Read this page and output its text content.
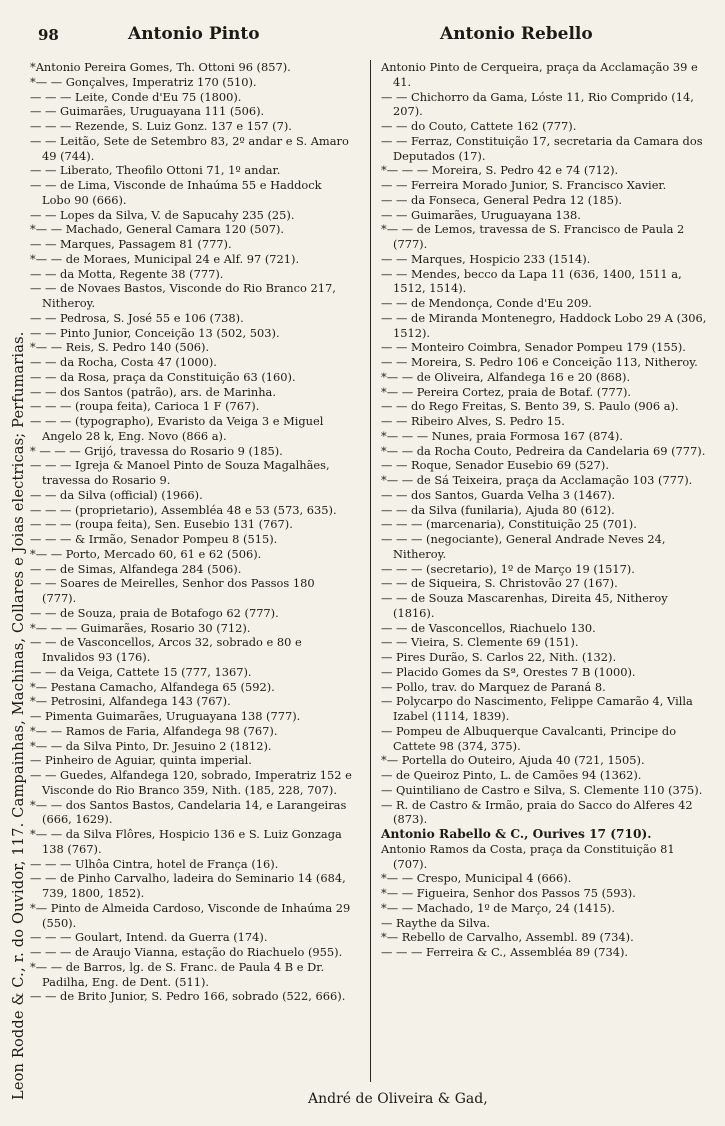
98	Antonio Pinto	Antonio Rebello
Leon Rodde & C., r. do Ouvidor, 117. Campainhas, Machinas, Collares e Joias electricas; Perfumarias.
*Antonio Pereira Gomes, Th. Ottoni 96 (857).
*— — Gonçalves, Imperatriz 170 (510).
— — — Leite, Conde d'Eu 75 (1800).
— — Guimarães, Uruguayana 111 (506).
— — — Rezende, S. Luiz Gonz. 137 e 157 (7).
— — Leitão, Sete de Setembro 83, 2º andar e S. Amaro 49 (744).
— — Liberato, Theofilo Ottoni 71, 1º andar.
— — de Lima, Visconde de Inhaúma 55 e Haddock Lobo 90 (666).
— — Lopes da Silva, V. de Sapucahy 235 (25).
*— — Machado, General Camara 120 (507).
— — Marques, Passagem 81 (777).
*— — de Moraes, Municipal 24 e Alf. 97 (721).
— — da Motta, Regente 38 (777).
— — de Novaes Bastos, Visconde do Rio Branco 217, Nitheroy.
— — Pedrosa, S. José 55 e 106 (738).
— — Pinto Junior, Conceição 13 (502, 503).
*— — Reis, S. Pedro 140 (506).
— — da Rocha, Costa 47 (1000).
— — da Rosa, praça da Constituição 63 (160).
— — dos Santos (patrão), ars. de Marinha.
— — — (roupa feita), Carioca 1 F (767).
— — — (typographo), Evaristo da Veiga 3 e Miguel Angelo 28 k, Eng. Novo (866 a).
* — — — Grijó, travessa do Rosario 9 (185).
— — — Igreja & Manoel Pinto de Souza Magalhães, travessa do Rosario 9.
— — da Silva (official) (1966).
— — — (proprietario), Assembléa 48 e 53 (573, 635).
— — — (roupa feita), Sen. Eusebio 131 (767).
— — — & Irmão, Senador Pompeu 8 (515).
*— — Porto, Mercado 60, 61 e 62 (506).
— — de Simas, Alfandega 284 (506).
— — Soares de Meirelles, Senhor dos Passos 180 (777).
— — de Souza, praia de Botafogo 62 (777).
*— — — Guimarães, Rosario 30 (712).
— — de Vasconcellos, Arcos 32, sobrado e 80 e Invalidos 93 (176).
— — da Veiga, Cattete 15 (777, 1367).
*— Pestana Camacho, Alfandega 65 (592).
*— Petrosini, Alfandega 143 (767).
— Pimenta Guimarães, Uruguayana 138 (777).
*— — Ramos de Faria, Alfandega 98 (767).
*— — da Silva Pinto, Dr. Jesuino 2 (1812).
— Pinheiro de Aguiar, quinta imperial.
— — Guedes, Alfandega 120, sobrado, Imperatriz 152 e Visconde do Rio Branco 359, Nith. (185, 228, 707).
*— — dos Santos Bastos, Candelaria 14, e Larangeiras (666, 1629).
*— — da Silva Flôres, Hospicio 136 e S. Luiz Gonzaga 138 (767).
— — — Ulhôa Cintra, hotel de França (16).
— — de Pinho Carvalho, ladeira do Seminario 14 (684, 739, 1800, 1852).
*— Pinto de Almeida Cardoso, Visconde de Inhaúma 29 (550).
— — — Goulart, Intend. da Guerra (174).
— — — de Araujo Vianna, estação do Riachuelo (955).
*— — de Barros, lg. de S. Franc. de Paula 4 B e Dr. Padilha, Eng. de Dent. (511).
— — de Brito Junior, S. Pedro 166, sobrado (522, 666).
Antonio Pinto de Cerqueira, praça da Acclamação 39 e 41.
— — Chichorro da Gama, Lóste 11, Rio Comprido (14, 207).
— — do Couto, Cattete 162 (777).
— — Ferraz, Constituição 17, secretaria da Camara dos Deputados (17).
*— — — Moreira, S. Pedro 42 e 74 (712).
— — Ferreira Morado Junior, S. Francisco Xavier.
— — da Fonseca, General Pedra 12 (185).
— — Guimarães, Uruguayana 138.
*— — de Lemos, travessa de S. Francisco de Paula 2 (777).
— — Marques, Hospicio 233 (1514).
— — Mendes, becco da Lapa 11 (636, 1400, 1511 a, 1512, 1514).
— — de Mendonça, Conde d'Eu 209.
— — de Miranda Montenegro, Haddock Lobo 29 A (306, 1512).
— — Monteiro Coimbra, Senador Pompeu 179 (155).
— — Moreira, S. Pedro 106 e Conceição 113, Nitheroy.
*— — de Oliveira, Alfandega 16 e 20 (868).
*— — Pereira Cortez, praia de Botaf. (777).
— — do Rego Freitas, S. Bento 39, S. Paulo (906 a).
— — Ribeiro Alves, S. Pedro 15.
*— — — Nunes, praia Formosa 167 (874).
*— — da Rocha Couto, Pedreira da Candelaria 69 (777).
— — Roque, Senador Eusebio 69 (527).
*— — de Sá Teixeira, praça da Acclamação 103 (777).
— — dos Santos, Guarda Velha 3 (1467).
— — da Silva (funilaria), Ajuda 80 (612).
— — — (marcenaria), Constituição 25 (701).
— — — (negociante), General Andrade Neves 24, Nitheroy.
— — — (secretario), 1º de Março 19 (1517).
— — de Siqueira, S. Christovão 27 (167).
— — de Souza Mascarenhas, Direita 45, Nitheroy (1816).
— — de Vasconcellos, Riachuelo 130.
— — Vieira, S. Clemente 69 (151).
— Pires Durão, S. Carlos 22, Nith. (132).
— Placido Gomes da Sª, Orestes 7 B (1000).
— Pollo, trav. do Marquez de Paraná 8.
— Polycarpo do Nascimento, Felippe Camarão 4, Villa Izabel (1114, 1839).
— Pompeu de Albuquerque Cavalcanti, Principe do Cattete 98 (374, 375).
*— Portella do Outeiro, Ajuda 40 (721, 1505).
— de Queiroz Pinto, L. de Camões 94 (1362).
— Quintiliano de Castro e Silva, S. Clemente 110 (375).
— R. de Castro & Irmão, praia do Sacco do Alferes 42 (873).
Antonio Rabello & C., Ourives 17 (710).
Antonio Ramos da Costa, praça da Constituição 81 (707).
*— — Crespo, Municipal 4 (666).
*— — Figueira, Senhor dos Passos 75 (593).
*— — Machado, 1º de Março, 24 (1415).
— Raythe da Silva.
*— Rebello de Carvalho, Assembl. 89 (734).
— — — Ferreira & C., Assembléa 89 (734).
André de Oliveira & Gad,
